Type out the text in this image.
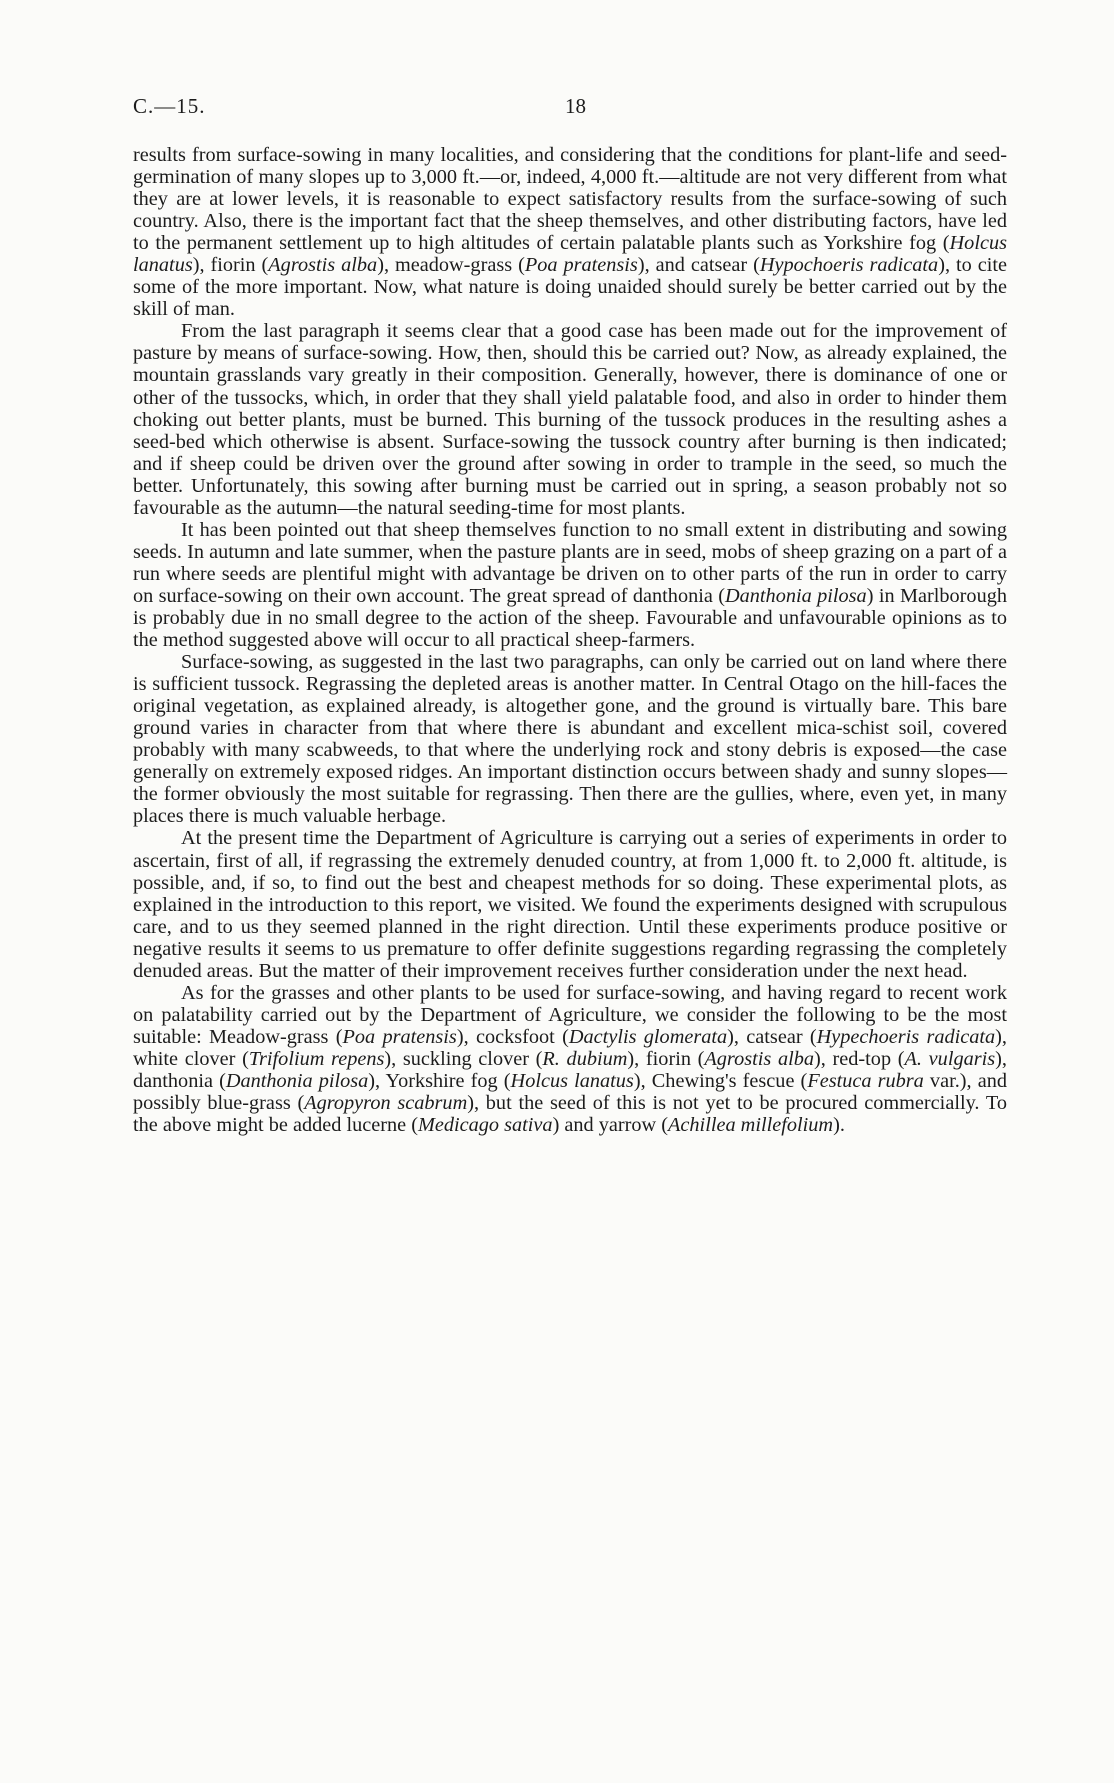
C.—15.	18

results from surface-sowing in many localities, and considering that the conditions for plant-life and seed-germination of many slopes up to 3,000 ft.—or, indeed, 4,000 ft.—altitude are not very different from what they are at lower levels, it is reasonable to expect satisfactory results from the surface-sowing of such country. Also, there is the important fact that the sheep themselves, and other distributing factors, have led to the permanent settlement up to high altitudes of certain palatable plants such as Yorkshire fog (Holcus lanatus), fiorin (Agrostis alba), meadow-grass (Poa pratensis), and catsear (Hypochoeris radicata), to cite some of the more important. Now, what nature is doing unaided should surely be better carried out by the skill of man.

From the last paragraph it seems clear that a good case has been made out for the improvement of pasture by means of surface-sowing. How, then, should this be carried out? Now, as already explained, the mountain grasslands vary greatly in their composition. Generally, however, there is dominance of one or other of the tussocks, which, in order that they shall yield palatable food, and also in order to hinder them choking out better plants, must be burned. This burning of the tussock produces in the resulting ashes a seed-bed which otherwise is absent. Surface-sowing the tussock country after burning is then indicated; and if sheep could be driven over the ground after sowing in order to trample in the seed, so much the better. Unfortunately, this sowing after burning must be carried out in spring, a season probably not so favourable as the autumn—the natural seeding-time for most plants.

It has been pointed out that sheep themselves function to no small extent in distributing and sowing seeds. In autumn and late summer, when the pasture plants are in seed, mobs of sheep grazing on a part of a run where seeds are plentiful might with advantage be driven on to other parts of the run in order to carry on surface-sowing on their own account. The great spread of danthonia (Danthonia pilosa) in Marlborough is probably due in no small degree to the action of the sheep. Favourable and unfavourable opinions as to the method suggested above will occur to all practical sheep-farmers.

Surface-sowing, as suggested in the last two paragraphs, can only be carried out on land where there is sufficient tussock. Regrassing the depleted areas is another matter. In Central Otago on the hill-faces the original vegetation, as explained already, is altogether gone, and the ground is virtually bare. This bare ground varies in character from that where there is abundant and excellent mica-schist soil, covered probably with many scabweeds, to that where the underlying rock and stony debris is exposed—the case generally on extremely exposed ridges. An important distinction occurs between shady and sunny slopes—the former obviously the most suitable for regrassing. Then there are the gullies, where, even yet, in many places there is much valuable herbage.

At the present time the Department of Agriculture is carrying out a series of experiments in order to ascertain, first of all, if regrassing the extremely denuded country, at from 1,000 ft. to 2,000 ft. altitude, is possible, and, if so, to find out the best and cheapest methods for so doing. These experimental plots, as explained in the introduction to this report, we visited. We found the experiments designed with scrupulous care, and to us they seemed planned in the right direction. Until these experiments produce positive or negative results it seems to us premature to offer definite suggestions regarding regrassing the completely denuded areas. But the matter of their improvement receives further consideration under the next head.

As for the grasses and other plants to be used for surface-sowing, and having regard to recent work on palatability carried out by the Department of Agriculture, we consider the following to be the most suitable: Meadow-grass (Poa pratensis), cocksfoot (Dactylis glomerata), catsear (Hypechoeris radicata), white clover (Trifolium repens), suckling clover (R. dubium), fiorin (Agrostis alba), red-top (A. vulgaris), danthonia (Danthonia pilosa), Yorkshire fog (Holcus lanatus), Chewing's fescue (Festuca rubra var.), and possibly blue-grass (Agropyron scabrum), but the seed of this is not yet to be procured commercially. To the above might be added lucerne (Medicago sativa) and yarrow (Achillea millefolium).
